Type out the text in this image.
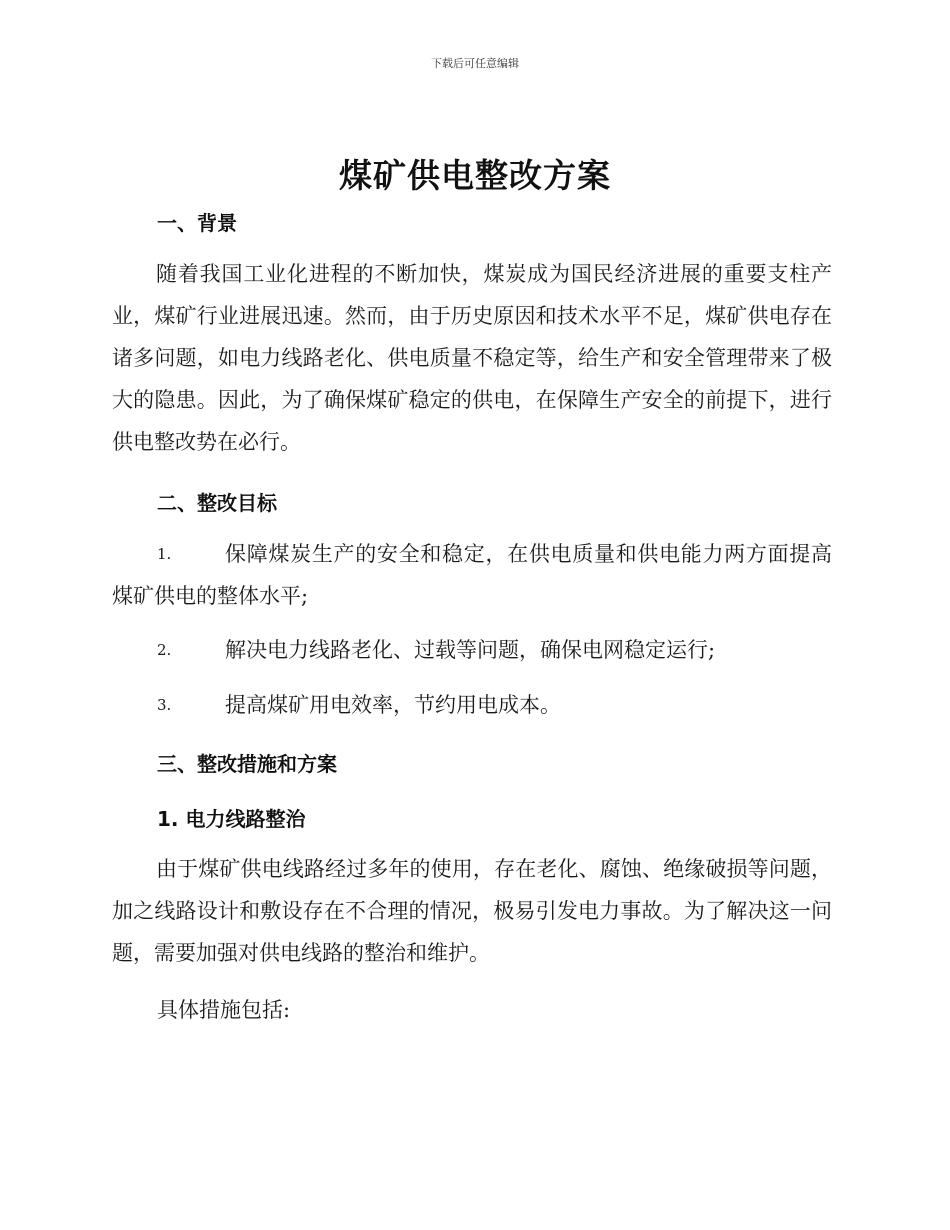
下载后可任意编辑
煤矿供电整改方案
一、背景
随着我国工业化进程的不断加快，煤炭成为国民经济进展的重要支柱产业，煤矿行业进展迅速。然而，由于历史原因和技术水平不足，煤矿供电存在诸多问题，如电力线路老化、供电质量不稳定等，给生产和安全管理带来了极大的隐患。因此，为了确保煤矿稳定的供电，在保障生产安全的前提下，进行供电整改势在必行。
二、整改目标
1.	保障煤炭生产的安全和稳定，在供电质量和供电能力两方面提高煤矿供电的整体水平;
2.	解决电力线路老化、过载等问题，确保电网稳定运行;
3.	提高煤矿用电效率，节约用电成本。
三、整改措施和方案
1. 电力线路整治
由于煤矿供电线路经过多年的使用，存在老化、腐蚀、绝缘破损等问题，加之线路设计和敷设存在不合理的情况，极易引发电力事故。为了解决这一问题，需要加强对供电线路的整治和维护。
具体措施包括:
